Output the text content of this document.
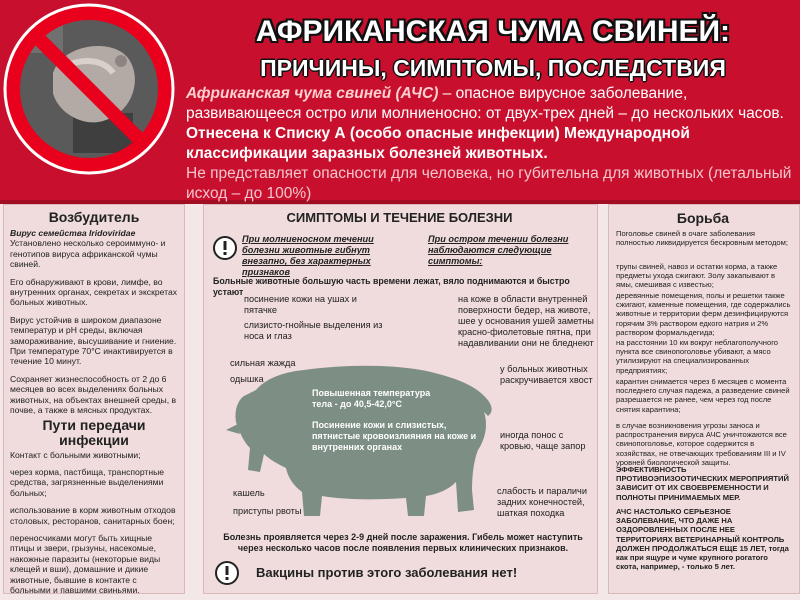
АФРИКАНСКАЯ ЧУМА СВИНЕЙ:
ПРИЧИНЫ, СИМПТОМЫ, ПОСЛЕДСТВИЯ
Африканская чума свиней (АЧС) – опасное вирусное заболевание, развивающееся остро или молниеносно: от двух-трех дней – до нескольких часов. Отнесена к Списку А (особо опасные инфекции) Международной классификации заразных болезней животных.
Не представляет опасности для человека, но губительна для животных (летальный исход – до 100%)
Возбудитель
Вирус семейства Iridoviridae

Установлено несколько серoиммуно- и генотипов вируса африканской чумы свиней.

Его обнаруживают в крови, лимфе, во внутренних органах, секретах и экскретах больных животных.

Вирус устойчив в широком диапазоне температур и рН среды, включая замораживание, высушивание и гниение. При температуре 70°С инактивируется в течение 10 минут.

Сохраняет жизнеспособность от 2 до 6 месяцев во всех выделениях больных животных, на объектах внешней среды, в почве, а также в мясных продуктах.

Пути передачи
инфекции

Контакт с больными животными;

через корма, пастбища, транспортные средства, загрязненные выделениями больных;

использование в корм животным отходов столовых, ресторанов, санитарных боен;

переносчиками могут быть хищные птицы и звери, грызуны, насекомые, накожные паразиты (некоторые виды клещей и вши), домашние и дикие животные, бывшие в контакте с больными и павшими свиньями.

СИМПТОМЫ И ТЕЧЕНИЕ БОЛЕЗНИ
При молниеносном течении болезни животные гибнут внезапно, без характерных признаков
При остром течении болезни наблюдаются следующие симптомы:
Больные животные большую часть времени лежат, вяло поднимаются и быстро устают
посинение кожи на ушах и пятачке
слизисто-гнойные выделения из носа и глаз
на коже в области внутренней поверхности бедер, на животе, шее у основания ушей заметны красно-фиолетовые пятна, при надавливании они не бледнеют
сильная жажда
одышка
у больных животных раскручивается хвост
иногда понос с кровью, чаще запор
кашель
приступы рвоты
слабость и параличи задних конечностей, шаткая походка
Повышенная температура тела - до 40,5-42,0°С
Посинение кожи и слизистых, пятнистые кровоизлияния на коже и внутренних органах
Болезнь проявляется через 2-9 дней после заражения. Гибель может наступить через несколько часов после появления первых клинических признаков.
Вакцины против этого заболевания нет!
Борьба
Поголовье свиней в очаге заболевания полностью ликвидируется бескровным методом;
трупы свиней, навоз и остатки корма, а также предметы ухода сжигают. Золу закапывают в ямы, смешивая с известью;
деревянные помещения, полы и решетки также сжигают, каменные помещения, где содержались животные и территории ферм дезинфицируются горячим 3% раствором едкого натрия и 2% раствором формальдегида;
на расстоянии 10 км вокруг неблагополучного пункта все свинопоголовье убивают, а мясо утилизируют на специализированных предприятиях;
карантин снимается через 6 месяцев с момента последнего случая падежа, а разведение свиней разрешается не ранее, чем через год после снятия карантина;
в случае возникновения угрозы заноса и распространения вируса АЧС уничтожаются все свинопоголовье, которое содержится в хозяйствах, не отвечающих требованиям III и IV уровней биологической защиты.
ЭФФЕКТИВНОСТЬ ПРОТИВОЭПИЗООТИЧЕСКИХ МЕРОПРИЯТИЙ ЗАВИСИТ ОТ ИХ СВОЕВРЕМЕННОСТИ И ПОЛНОТЫ ПРИНИМАЕМЫХ МЕР.
АЧС НАСТОЛЬКО СЕРЬЕЗНОЕ ЗАБОЛЕВАНИЕ, ЧТО ДАЖЕ НА ОЗДОРОВЛЕННЫХ ПОСЛЕ НЕЕ ТЕРРИТОРИЯХ ВЕТЕРИНАРНЫЙ КОНТРОЛЬ ДОЛЖЕН ПРОДОЛЖАТЬСЯ ЕЩЕ 15 ЛЕТ, тогда как при ящуре и чуме крупного рогатого скота, например, - только 5 лет.
